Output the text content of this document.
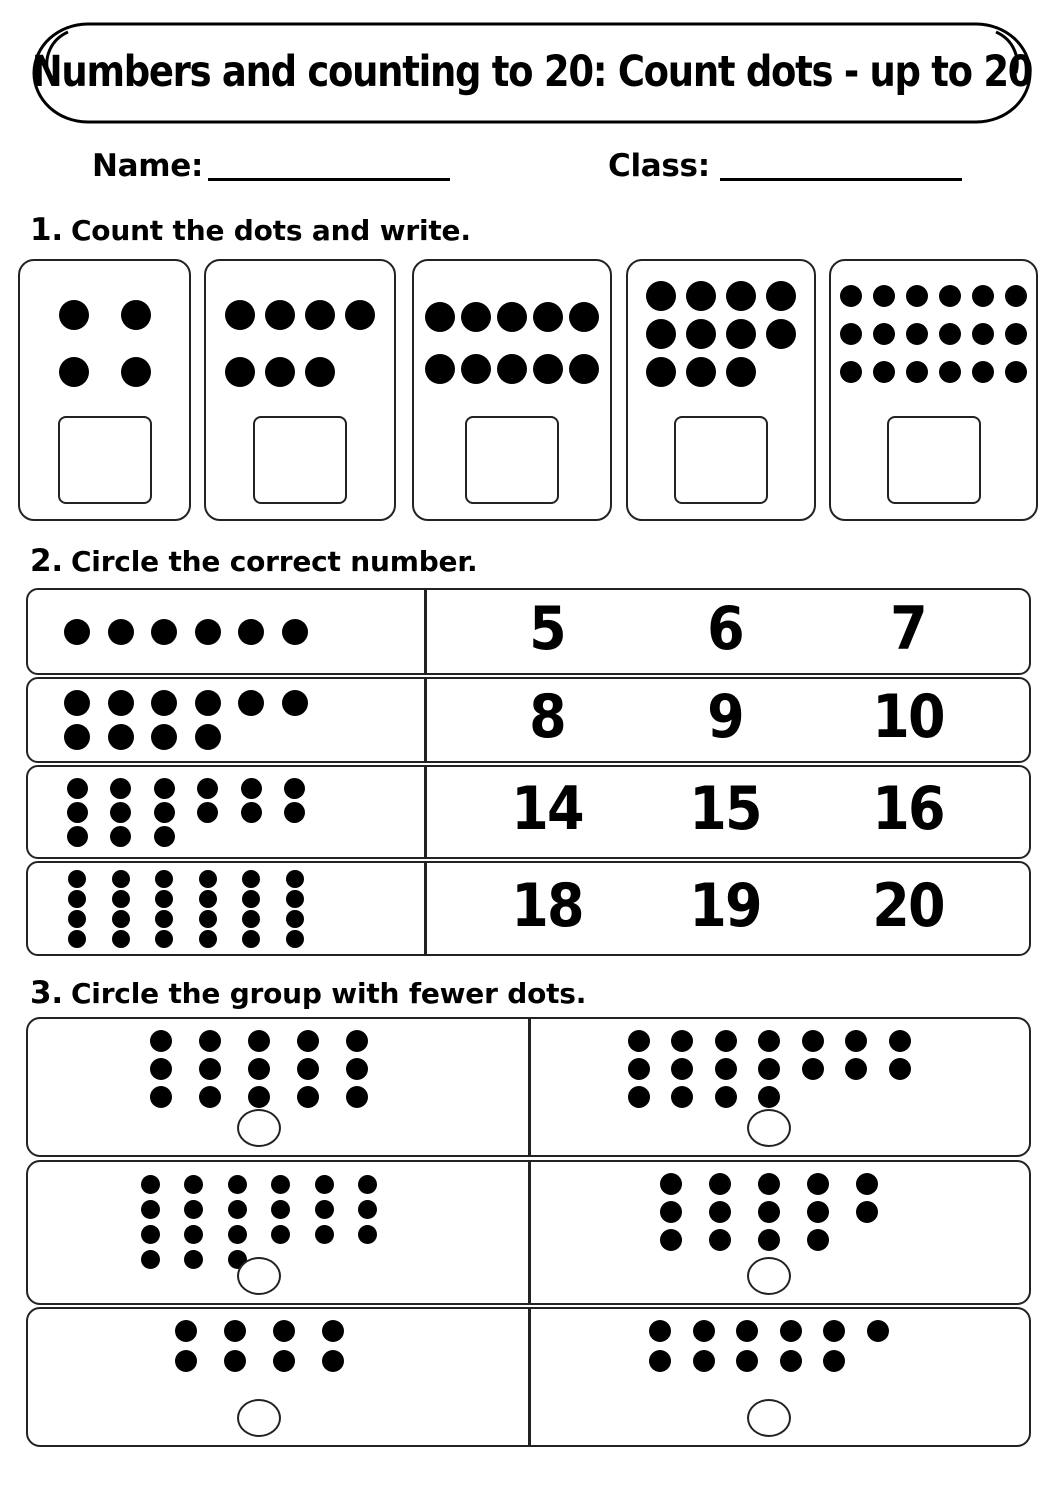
Numbers and counting to 20: Count dots - up to 20
Name:	Class:
1. Count the dots and write.
2. Circle the correct number.
5	6	7
8	9	10
14	15	16
18	19	20
3. Circle the group with fewer dots.
